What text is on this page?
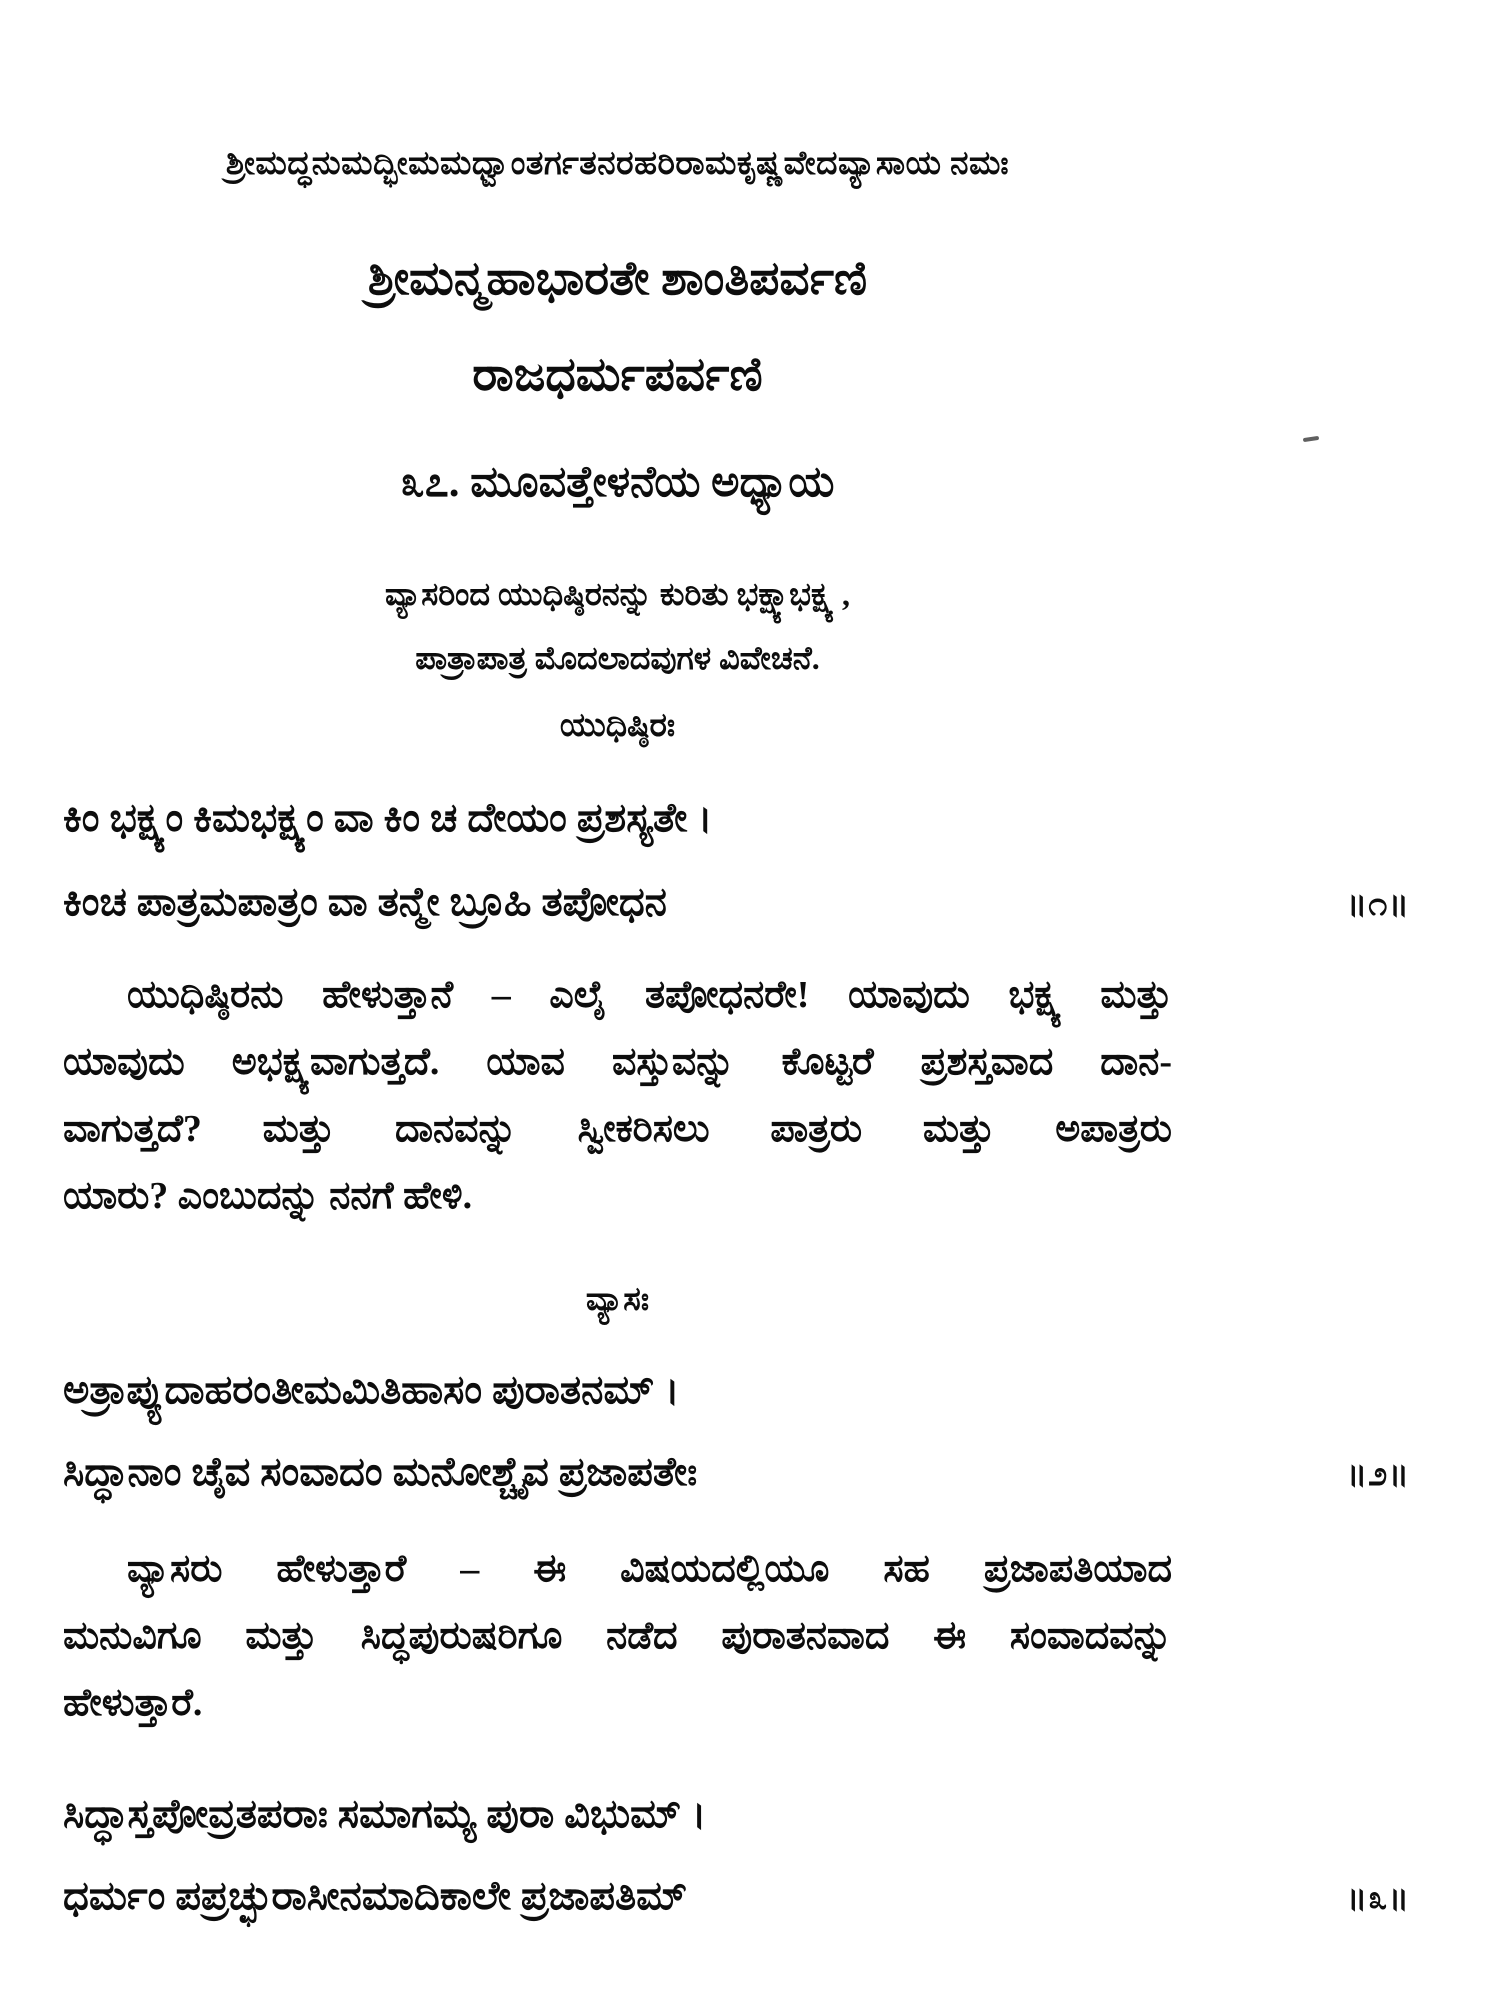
ಶ್ರೀಮದ್ಧನುಮದ್ಭೀಮಮಧ್ವಾಂತರ್ಗತನರಹರಿರಾಮಕೃಷ್ಣವೇದವ್ಯಾಸಾಯ ನಮಃ
ಶ್ರೀಮನ್ಮಹಾಭಾರತೇ ಶಾಂತಿಪರ್ವಣಿ
ರಾಜಧರ್ಮಪರ್ವಣಿ
೩೭. ಮೂವತ್ತೇಳನೆಯ ಅಧ್ಯಾಯ
ವ್ಯಾಸರಿಂದ ಯುಧಿಷ್ಠಿರನನ್ನು ಕುರಿತು ಭಕ್ಷ್ಯಾಭಕ್ಷ್ಯ ,
ಪಾತ್ರಾಪಾತ್ರ ಮೊದಲಾದವುಗಳ ವಿವೇಚನೆ.
ಯುಧಿಷ್ಠಿರಃ
ಕಿಂ ಭಕ್ಷ್ಯಂ ಕಿಮಭಕ್ಷ್ಯಂ ವಾ ಕಿಂ ಚ ದೇಯಂ ಪ್ರಶಸ್ಯತೇ ।
ಕಿಂಚ ಪಾತ್ರಮಪಾತ್ರಂ ವಾ ತನ್ಮೇ ಬ್ರೂಹಿ ತಪೋಧನ	॥೧॥
ಯುಧಿಷ್ಠಿರನು ಹೇಳುತ್ತಾನೆ – ಎಲೈ ತಪೋಧನರೇ! ಯಾವುದು ಭಕ್ಷ್ಯ ಮತ್ತು
ಯಾವುದು ಅಭಕ್ಷ್ಯವಾಗುತ್ತದೆ. ಯಾವ ವಸ್ತುವನ್ನು ಕೊಟ್ಟರೆ ಪ್ರಶಸ್ತವಾದ ದಾನ-
ವಾಗುತ್ತದೆ? ಮತ್ತು ದಾನವನ್ನು ಸ್ವೀಕರಿಸಲು ಪಾತ್ರರು ಮತ್ತು ಅಪಾತ್ರರು
ಯಾರು? ಎಂಬುದನ್ನು ನನಗೆ ಹೇಳಿ.
ವ್ಯಾಸಃ
ಅತ್ರಾಪ್ಯುದಾಹರಂತೀಮಮಿತಿಹಾಸಂ ಪುರಾತನಮ್ ।
ಸಿದ್ಧಾನಾಂ ಚೈವ ಸಂವಾದಂ ಮನೋಶ್ಚೈವ ಪ್ರಜಾಪತೇಃ	॥೨॥
ವ್ಯಾಸರು ಹೇಳುತ್ತಾರೆ – ಈ ವಿಷಯದಲ್ಲಿಯೂ ಸಹ ಪ್ರಜಾಪತಿಯಾದ
ಮನುವಿಗೂ ಮತ್ತು ಸಿದ್ಧಪುರುಷರಿಗೂ ನಡೆದ ಪುರಾತನವಾದ ಈ ಸಂವಾದವನ್ನು
ಹೇಳುತ್ತಾರೆ.
ಸಿದ್ಧಾಸ್ತಪೋವ್ರತಪರಾಃ ಸಮಾಗಮ್ಯ ಪುರಾ ವಿಭುಮ್ ।
ಧರ್ಮಂ ಪಪ್ರಚ್ಛುರಾಸೀನಮಾದಿಕಾಲೇ ಪ್ರಜಾಪತಿಮ್	॥೩॥
